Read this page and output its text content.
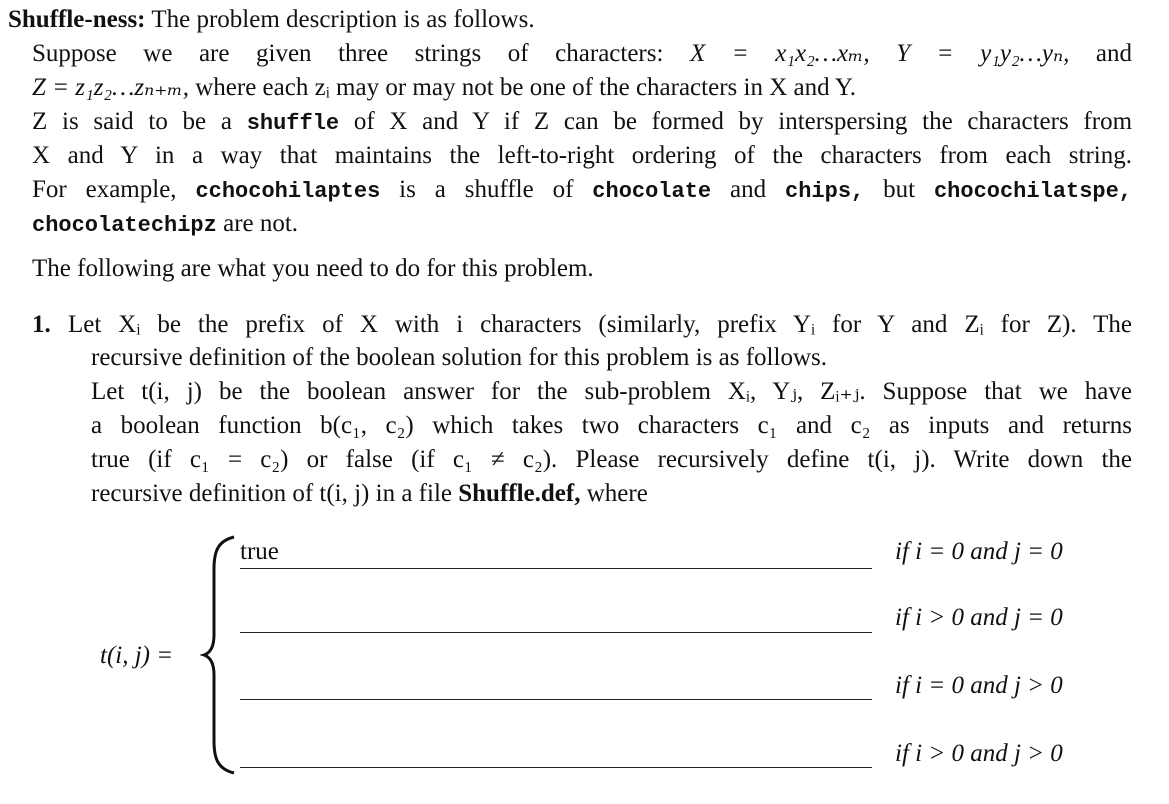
Shuffle-ness: The problem description is as follows.
Suppose we are given three strings of characters: X = x₁x₂…xₘ, Y = y₁y₂…yₙ, and
Z = z₁z₂…zₙ₊ₘ, where each zᵢ may or may not be one of the characters in X and Y.
Z is said to be a shuffle of X and Y if Z can be formed by interspersing the characters from
X and Y in a way that maintains the left-to-right ordering of the characters from each string.
For example, cchocohilaptes is a shuffle of chocolate and chips, but chocochilatspe,
chocolatechipz are not.
The following are what you need to do for this problem.
1. Let Xᵢ be the prefix of X with i characters (similarly, prefix Yᵢ for Y and Zᵢ for Z). The
recursive definition of the boolean solution for this problem is as follows.
Let t(i, j) be the boolean answer for the sub-problem Xᵢ, Yⱼ, Zᵢ₊ⱼ. Suppose that we have
a boolean function b(c₁, c₂) which takes two characters c₁ and c₂ as inputs and returns
true (if c₁ = c₂) or false (if c₁ ≠ c₂). Please recursively define t(i, j). Write down the
recursive definition of t(i, j) in a file Shuffle.def, where
t(i, j) =
true	if i = 0 and j = 0
if i > 0 and j = 0
if i = 0 and j > 0
if i > 0 and j > 0
